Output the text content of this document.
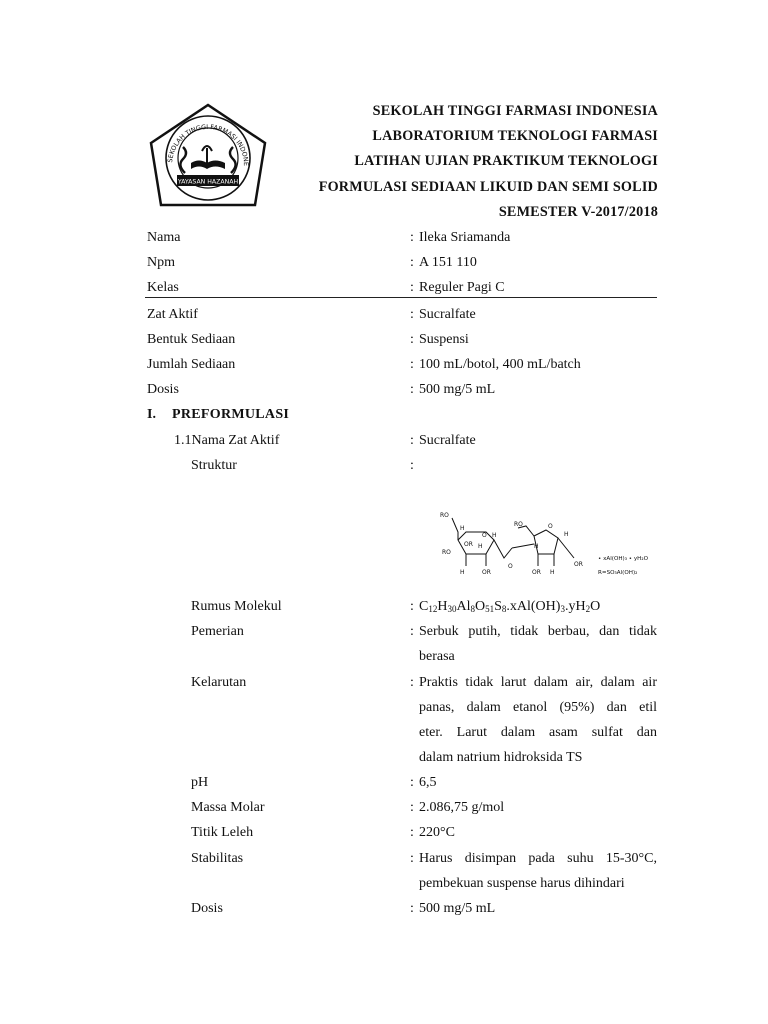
SEKOLAH TINGGI FARMASI INDONE
YAYASAN HAZANAH
SEKOLAH TINGGI FARMASI INDONESIA
LABORATORIUM TEKNOLOGI FARMASI
LATIHAN UJIAN PRAKTIKUM TEKNOLOGI
FORMULASI SEDIAAN LIKUID DAN SEMI SOLID
SEMESTER V-2017/2018
Nama	: Ileka Sriamanda
Npm	: A 151 110
Kelas	: Reguler Pagi C
Zat Aktif	: Sucralfate
Bentuk Sediaan	: Suspensi
Jumlah Sediaan	: 100 mL/botol, 400 mL/batch
Dosis	: 500 mg/5 mL
I. PREFORMULASI
1.1Nama Zat Aktif	: Sucralfate
Struktur	:
RO
RO
H
O H
OR H
H	OR
O
RO	O
H
H
OR H
OR
• xAl(OH)₃ • yH₂O
R=SO₃Al(OH)₂
Rumus Molekul	: $C_{12}H_{30}Al_8O_{51}S_8.xAl(OH)_3.yH_2O$
Pemerian	: Serbuk putih, tidak berbau, dan tidak
berasa
Kelarutan	: Praktis tidak larut dalam air, dalam air
panas, dalam etanol (95%) dan etil
eter. Larut dalam asam sulfat dan
dalam natrium hidroksida TS
pH	: 6,5
Massa Molar	: 2.086,75 g/mol
Titik Leleh	: 220°C
Stabilitas	: Harus disimpan pada suhu 15-30°C,
pembekuan suspense harus dihindari
Dosis	: 500 mg/5 mL
